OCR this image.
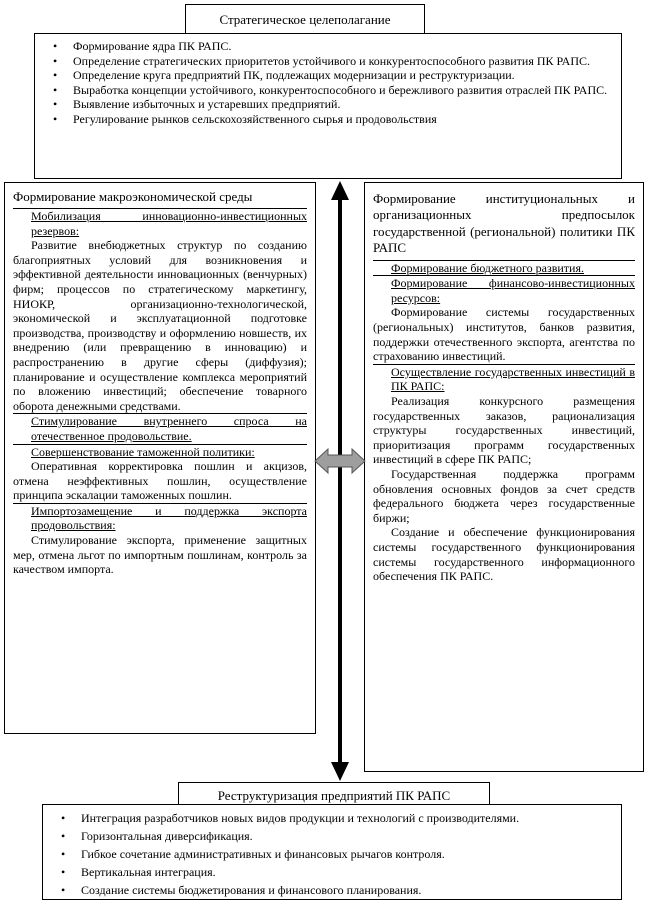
Стратегическое целеполагание
• Формирование ядра ПК РАПС.
• Определение стратегических приоритетов устойчивого и конкурентоспособного развития ПК РАПС.
• Определение круга предприятий ПК, подлежащих модернизации и реструктуризации.
• Выработка концепции устойчивого, конкурентоспособного и бережливого развития отраслей ПК РАПС.
• Выявление избыточных и устаревших предприятий.
• Регулирование рынков сельскохозяйственного сырья и продовольствия
Формирование макроэкономической среды
Мобилизация инновационно-инвестиционных резервов:
Развитие внебюджетных структур по созданию благоприятных условий для возникновения и эффективной деятельности инновационных (венчурных) фирм; процессов по стратегическому маркетингу, НИОКР, организационно-технологической, экономической и эксплуатационной подготовке производства, производству и оформлению новшеств, их внедрению (или превращению в инновацию) и распространению в другие сферы (диффузия); планирование и осуществление комплекса мероприятий по вложению инвестиций; обеспечение товарного оборота денежными средствами.
Стимулирование внутреннего спроса на отечественное продовольствие.
Совершенствование таможенной политики:
Оперативная корректировка пошлин и акцизов, отмена неэффективных пошлин, осуществление принципа эскалации таможенных пошлин.
Импортозамещение и поддержка экспорта продовольствия:
Стимулирование экспорта, применение защитных мер, отмена льгот по импортным пошлинам, контроль за качеством импорта.
Формирование институциональных и организационных предпосылок государственной (региональной) политики ПК РАПС
Формирование бюджетного развития.
Формирование финансово-инвестиционных ресурсов:
Формирование системы государственных (региональных) институтов, банков развития, поддержки отечественного экспорта, агентства по страхованию инвестиций.
Осуществление государственных инвестиций в ПК РАПС:
Реализация конкурсного размещения государственных заказов, рационализация структуры государственных инвестиций, приоритизация программ государственных инвестиций в сфере ПК РАПС;
Государственная поддержка программ обновления основных фондов за счет средств федерального бюджета через государственные биржи;
Создание и обеспечение функционирования системы государственного функционирования системы государственного информационного обеспечения ПК РАПС.
Реструктуризация предприятий ПК РАПС
• Интеграция разработчиков новых видов продукции и технологий с производителями.
• Горизонтальная диверсификация.
• Гибкое сочетание административных и финансовых рычагов контроля.
• Вертикальная интеграция.
• Создание системы бюджетирования и финансового планирования.
